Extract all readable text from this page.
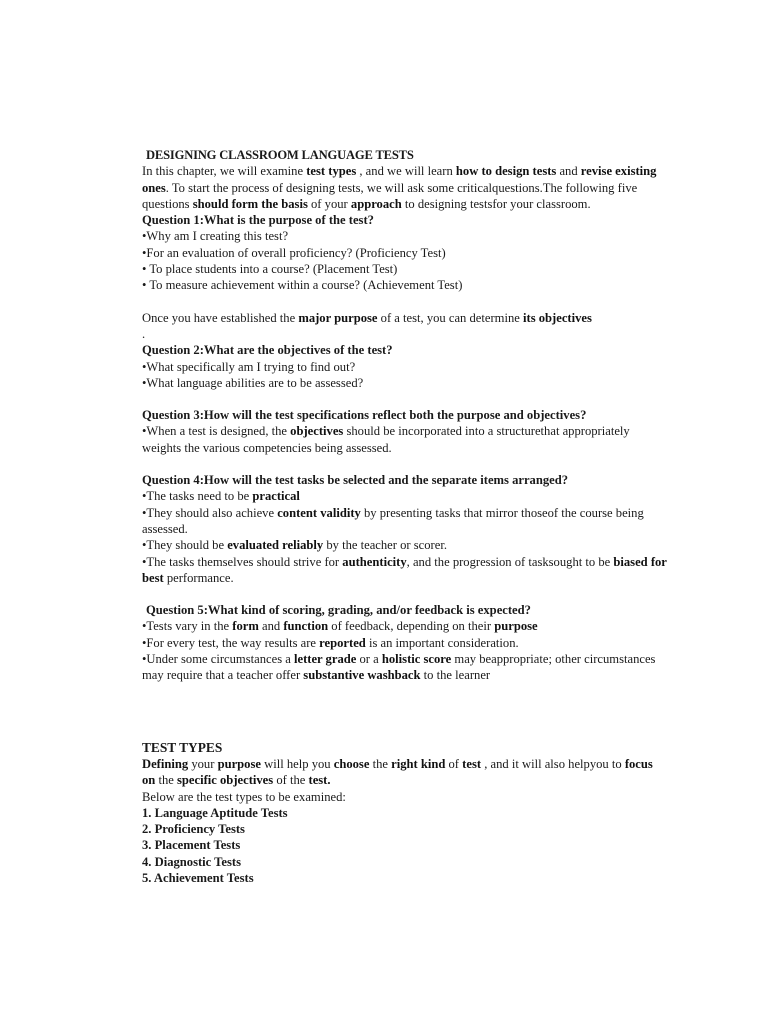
DESIGNING CLASSROOM LANGUAGE TESTS

In this chapter, we will examine test types , and we will learn how to design tests and revise existing ones. To start the process of designing tests, we will ask some criticalquestions.The following five questions should form the basis of your approach to designing testsfor your classroom.

Question 1:What is the purpose of the test?

•Why am I creating this test?

•For an evaluation of overall proficiency? (Proficiency Test)

• To place students into a course? (Placement Test)

• To measure achievement within a course? (Achievement Test)

Once you have established the major purpose of a test, you can determine its objectives
.

Question 2:What are the objectives of the test?

•What specifically am I trying to find out?

•What language abilities are to be assessed?

Question 3:How will the test specifications reflect both the purpose and objectives?

•When a test is designed, the objectives should be incorporated into a structurethat appropriately weights the various competencies being assessed.

Question 4:How will the test tasks be selected and the separate items arranged?

•The tasks need to be practical

•They should also achieve content validity by presenting tasks that mirror thoseof the course being assessed.

•They should be evaluated reliably by the teacher or scorer.

•The tasks themselves should strive for authenticity, and the progression of tasksought to be biased for best performance.

Question 5:What kind of scoring, grading, and/or feedback is expected?

•Tests vary in the form and function of feedback, depending on their purpose

•For every test, the way results are reported is an important consideration.

•Under some circumstances a letter grade or a holistic score may beappropriate; other circumstances may require that a teacher offer substantive washback to the learner

TEST TYPES

Defining your purpose will help you choose the right kind of test , and it will also helpyou to focus on the specific objectives of the test.

Below are the test types to be examined:

1. Language Aptitude Tests

2. Proficiency Tests

3. Placement Tests

4. Diagnostic Tests

5. Achievement Tests
